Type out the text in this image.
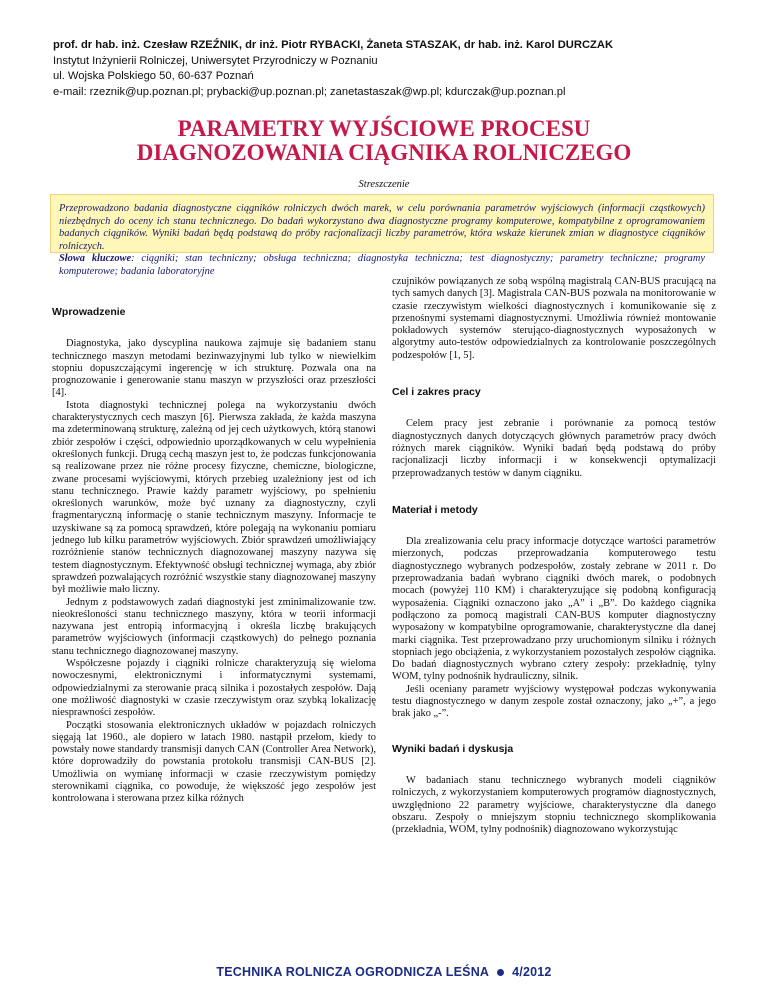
prof. dr hab. inż. Czesław RZEŹNIK, dr inż. Piotr RYBACKI, Żaneta STASZAK, dr hab. inż. Karol DURCZAK
Instytut Inżynierii Rolniczej, Uniwersytet Przyrodniczy w Poznaniu
ul. Wojska Polskiego 50, 60-637 Poznań
e-mail: rzeznik@up.poznan.pl; prybacki@up.poznan.pl; zanetastaszak@wp.pl; kdurczak@up.poznan.pl
PARAMETRY WYJŚCIOWE PROCESU
DIAGNOZOWANIA CIĄGNIKA ROLNICZEGO
Streszczenie

Przeprowadzono badania diagnostyczne ciągników rolniczych dwóch marek, w celu porównania parametrów wyjściowych (informacji cząstkowych) niezbędnych do oceny ich stanu technicznego. Do badań wykorzystano dwa diagnostyczne programy komputerowe, kompatybilne z oprogramowaniem badanych ciągników. Wyniki badań będą podstawą do próby racjonalizacji liczby parametrów, która wskaże kierunek zmian w diagnostyce ciągników rolniczych.

Słowa kluczowe: ciągniki; stan techniczny; obsługa techniczna; diagnostyka techniczna; test diagnostyczny; parametry techniczne; programy komputerowe; badania laboratoryjne

Wprowadzenie

Diagnostyka, jako dyscyplina naukowa zajmuje się badaniem stanu technicznego maszyn metodami bezinwazyjnymi lub tylko w niewielkim stopniu dopuszczającymi ingerencję w ich strukturę. Pozwala ona na prognozowanie i generowanie stanu maszyn w przyszłości oraz przeszłości [4].

Istota diagnostyki technicznej polega na wykorzystaniu dwóch charakterystycznych cech maszyn [6]. Pierwsza zakłada, że każda maszyna ma zdeterminowaną strukturę, zależną od jej cech użytkowych, którą stanowi zbiór zespołów i części, odpowiednio uporządkowanych w celu wypełnienia określonych funkcji. Drugą cechą maszyn jest to, że podczas funkcjonowania są realizowane przez nie różne procesy fizyczne, chemiczne, biologiczne, zwane procesami wyjściowymi, których przebieg uzależniony jest od ich stanu technicznego. Prawie każdy parametr wyjściowy, po spełnieniu określonych warunków, może być uznany za diagnostyczny, czyli fragmentaryczną informację o stanie technicznym maszyny. Informacje te uzyskiwane są za pomocą sprawdzeń, które polegają na wykonaniu pomiaru jednego lub kilku parametrów wyjściowych. Zbiór sprawdzeń umożliwiający rozróżnienie stanów technicznych diagnozowanej maszyny nazywa się testem diagnostycznym. Efektywność obsługi technicznej wymaga, aby zbiór sprawdzeń pozwalających rozróżnić wszystkie stany diagnozowanej maszyny był możliwie mało liczny.

Jednym z podstawowych zadań diagnostyki jest zminimalizowanie tzw. nieokreśloności stanu technicznego maszyny, która w teorii informacji nazywana jest entropią informacyjną i określa liczbę brakujących parametrów wyjściowych (informacji cząstkowych) do pełnego poznania stanu technicznego diagnozowanej maszyny.

Współczesne pojazdy i ciągniki rolnicze charakteryzują się wieloma nowoczesnymi, elektronicznymi i informatycznymi systemami, odpowiedzialnymi za sterowanie pracą silnika i pozostałych zespołów. Dają one możliwość diagnostyki w czasie rzeczywistym oraz szybką lokalizację niesprawności zespołów.

Początki stosowania elektronicznych układów w pojazdach rolniczych sięgają lat 1960., ale dopiero w latach 1980. nastąpił przełom, kiedy to powstały nowe standardy transmisji danych CAN (Controller Area Network), które doprowadziły do powstania protokołu transmisji CAN-BUS [2]. Umożliwia on wymianę informacji w czasie rzeczywistym pomiędzy sterownikami ciągnika, co powoduje, że większość jego zespołów jest kontrolowana i sterowana przez kilka różnych

czujników powiązanych ze sobą wspólną magistralą CAN-BUS pracującą na tych samych danych [3]. Magistrala CAN-BUS pozwala na monitorowanie w czasie rzeczywistym wielkości diagnostycznych i komunikowanie się z przenośnymi systemami diagnostycznymi. Umożliwia również montowanie pokładowych systemów sterująco-diagnostycznych wyposażonych w algorytmy auto-testów odpowiedzialnych za kontrolowanie poszczególnych podzespołów [1, 5].

Cel i zakres pracy

Celem pracy jest zebranie i porównanie za pomocą testów diagnostycznych danych dotyczących głównych parametrów pracy dwóch różnych marek ciągników. Wyniki badań będą podstawą do próby racjonalizacji liczby informacji i w konsekwencji optymalizacji przeprowadzanych testów w danym ciągniku.

Materiał i metody

Dla zrealizowania celu pracy informacje dotyczące wartości parametrów mierzonych, podczas przeprowadzania komputerowego testu diagnostycznego wybranych podzespołów, zostały zebrane w 2011 r. Do przeprowadzania badań wybrano ciągniki dwóch marek, o podobnych mocach (powyżej 110 KM) i charakteryzujące się podobną konfiguracją wyposażenia. Ciągniki oznaczono jako „A” i „B”. Do każdego ciągnika podłączono za pomocą magistrali CAN-BUS komputer diagnostyczny wyposażony w kompatybilne oprogramowanie, charakterystyczne dla danej marki ciągnika. Test przeprowadzano przy uruchomionym silniku i różnych stopniach jego obciążenia, z wykorzystaniem pozostałych zespołów ciągnika. Do badań diagnostycznych wybrano cztery zespoły: przekładnię, tylny WOM, tylny podnośnik hydrauliczny, silnik.

Jeśli oceniany parametr wyjściowy występował podczas wykonywania testu diagnostycznego w danym zespole został oznaczony, jako „+”, a jego brak jako „-”.

Wyniki badań i dyskusja

W badaniach stanu technicznego wybranych modeli ciągników rolniczych, z wykorzystaniem komputerowych programów diagnostycznych, uwzględniono 22 parametry wyjściowe, charakterystyczne dla danego obszaru. Zespoły o mniejszym stopniu technicznego skomplikowania (przekładnia, WOM, tylny podnośnik) diagnozowano wykorzystując

TECHNIKA ROLNICZA OGRODNICZA LEŚNA 4/2012
